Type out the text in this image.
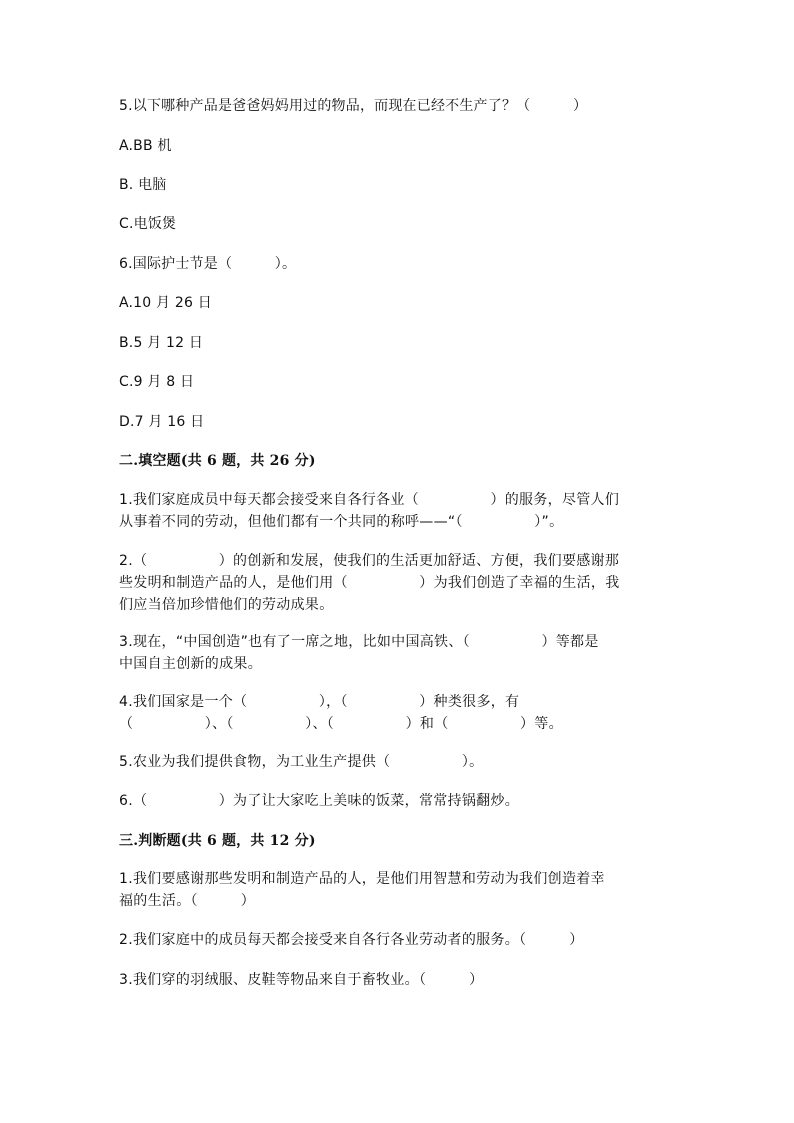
5.以下哪种产品是爸爸妈妈用过的物品，而现在已经不生产了？（　　　）
A.BB 机
B. 电脑
C.电饭煲
6.国际护士节是（　　　）。
A.10 月 26 日
B.5 月 12 日
C.9 月 8 日
D.7 月 16 日
二.填空题(共 6 题，共 26 分)
1.我们家庭成员中每天都会接受来自各行各业（　　　　　）的服务，尽管人们
从事着不同的劳动，但他们都有一个共同的称呼——“（　　　　　）”。
2.（　　　　　）的创新和发展，使我们的生活更加舒适、方便，我们要感谢那
些发明和制造产品的人，是他们用（　　　　　）为我们创造了幸福的生活，我
们应当倍加珍惜他们的劳动成果。
3.现在，“中国创造”也有了一席之地，比如中国高铁、（　　　　　）等都是
中国自主创新的成果。
4.我们国家是一个（　　　　　），（　　　　　）种类很多，有
（　　　　　）、（　　　　　）、（　　　　　）和（　　　　　）等。
5.农业为我们提供食物，为工业生产提供（　　　　　）。
6.（　　　　　）为了让大家吃上美味的饭菜，常常持锅翻炒。
三.判断题(共 6 题，共 12 分)
1.我们要感谢那些发明和制造产品的人，是他们用智慧和劳动为我们创造着幸
福的生活。（　　　）
2.我们家庭中的成员每天都会接受来自各行各业劳动者的服务。（　　　）
3.我们穿的羽绒服、皮鞋等物品来自于畜牧业。（　　　）
